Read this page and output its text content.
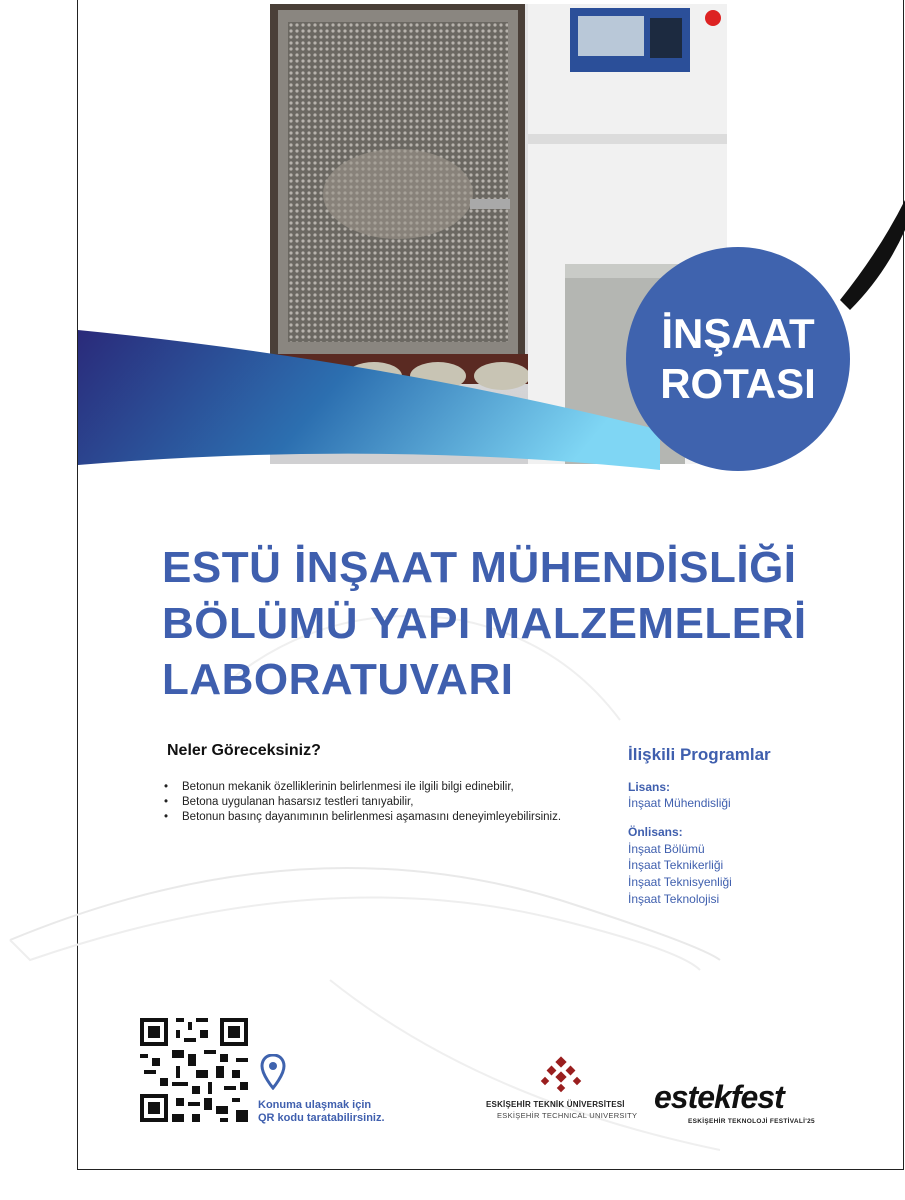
İNŞAAT
ROTASI
ESTÜ İNŞAAT MÜHENDİSLİĞİ
BÖLÜMÜ YAPI MALZEMELERİ
LABORATUVARI
Neler Göreceksiniz?
• Betonun mekanik özelliklerinin belirlenmesi ile ilgili bilgi edinebilir,
• Betona uygulanan hasarsız testleri tanıyabilir,
• Betonun basınç dayanımının belirlenmesi aşamasını deneyimleyebilirsiniz.
İlişkili Programlar
Lisans:
İnşaat Mühendisliği
Önlisans:
İnşaat Bölümü
İnşaat Teknikerliği
İnşaat Teknisyenliği
İnşaat Teknolojisi
Konuma ulaşmak için
QR kodu taratabilirsiniz.
ESKİŞEHİR TEKNİK ÜNİVERSİTESİ
ESKİŞEHİR TECHNICAL UNIVERSITY
estekfest
ESKİŞEHİR TEKNOLOJİ FESTİVALİ'25
